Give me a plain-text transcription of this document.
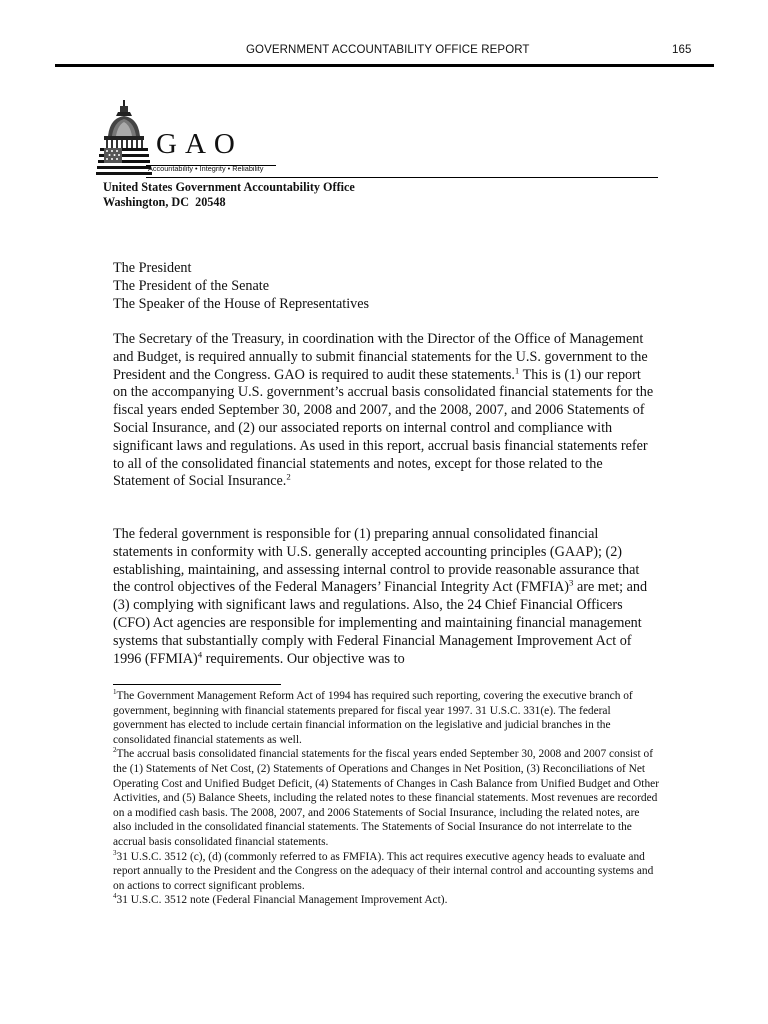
GOVERNMENT ACCOUNTABILITY OFFICE REPORT	165
GAO
Accountability • Integrity • Reliability
United States Government Accountability Office
Washington, DC  20548
The President
The President of the Senate
The Speaker of the House of Representatives

The Secretary of the Treasury, in coordination with the Director of the Office of Management and Budget, is required annually to submit financial statements for the U.S. government to the President and the Congress. GAO is required to audit these statements.$^1$ This is (1) our report on the accompanying U.S. government’s accrual basis consolidated financial statements for the fiscal years ended September 30, 2008 and 2007, and the 2008, 2007, and 2006 Statements of Social Insurance, and (2) our associated reports on internal control and compliance with significant laws and regulations. As used in this report, accrual basis financial statements refer to all of the consolidated financial statements and notes, except for those related to the Statement of Social Insurance.$^2$

The federal government is responsible for (1) preparing annual consolidated financial statements in conformity with U.S. generally accepted accounting principles (GAAP); (2) establishing, maintaining, and assessing internal control to provide reasonable assurance that the control objectives of the Federal Managers’ Financial Integrity Act (FMFIA)$^3$ are met; and (3) complying with significant laws and regulations. Also, the 24 Chief Financial Officers (CFO) Act agencies are responsible for implementing and maintaining financial management systems that substantially comply with Federal Financial Management Improvement Act of 1996 (FFMIA)$^4$ requirements. Our objective was to

$^1$The Government Management Reform Act of 1994 has required such reporting, covering the executive branch of government, beginning with financial statements prepared for fiscal year 1997. 31 U.S.C. 331(e). The federal government has elected to include certain financial information on the legislative and judicial branches in the consolidated financial statements as well.

$^2$The accrual basis consolidated financial statements for the fiscal years ended September 30, 2008 and 2007 consist of the (1) Statements of Net Cost, (2) Statements of Operations and Changes in Net Position, (3) Reconciliations of Net Operating Cost and Unified Budget Deficit, (4) Statements of Changes in Cash Balance from Unified Budget and Other Activities, and (5) Balance Sheets, including the related notes to these financial statements. Most revenues are recorded on a modified cash basis. The 2008, 2007, and 2006 Statements of Social Insurance, including the related notes, are also included in the consolidated financial statements. The Statements of Social Insurance do not interrelate to the accrual basis consolidated financial statements.

$^3$31 U.S.C. 3512 (c), (d) (commonly referred to as FMFIA). This act requires executive agency heads to evaluate and report annually to the President and the Congress on the adequacy of their internal control and accounting systems and on actions to correct significant problems.

$^4$31 U.S.C. 3512 note (Federal Financial Management Improvement Act).
